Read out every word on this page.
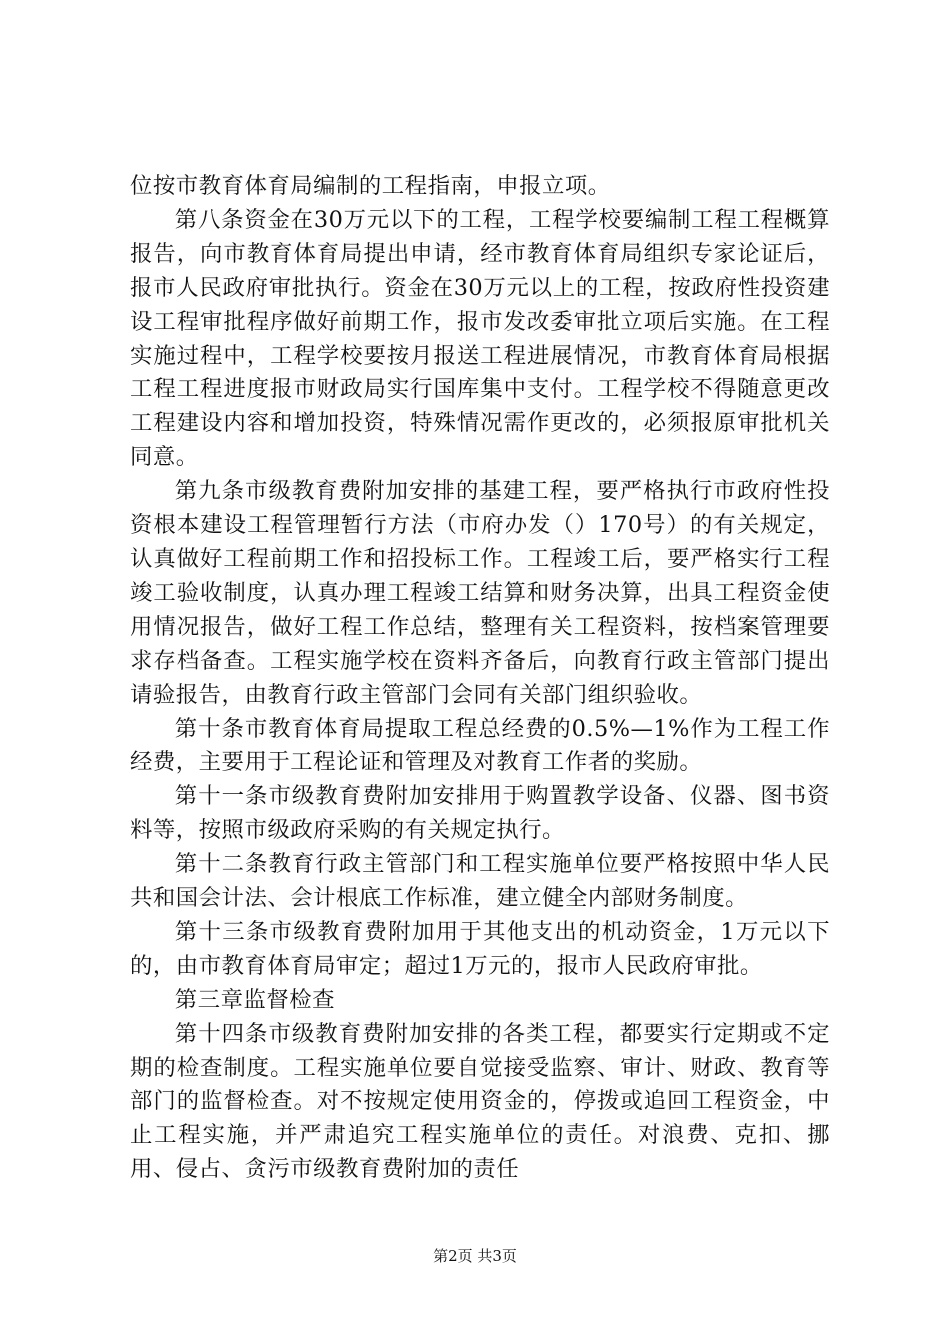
位按市教育体育局编制的工程指南，申报立项。

第八条资金在30万元以下的工程，工程学校要编制工程工程概算报告，向市教育体育局提出申请，经市教育体育局组织专家论证后，报市人民政府审批执行。资金在30万元以上的工程，按政府性投资建设工程审批程序做好前期工作，报市发改委审批立项后实施。在工程实施过程中，工程学校要按月报送工程进展情况，市教育体育局根据工程工程进度报市财政局实行国库集中支付。工程学校不得随意更改工程建设内容和增加投资，特殊情况需作更改的，必须报原审批机关同意。

第九条市级教育费附加安排的基建工程，要严格执行市政府性投资根本建设工程管理暂行方法（市府办发（）170号）的有关规定，认真做好工程前期工作和招投标工作。工程竣工后，要严格实行工程竣工验收制度，认真办理工程竣工结算和财务决算，出具工程资金使用情况报告，做好工程工作总结，整理有关工程资料，按档案管理要求存档备查。工程实施学校在资料齐备后，向教育行政主管部门提出请验报告，由教育行政主管部门会同有关部门组织验收。

第十条市教育体育局提取工程总经费的0.5%—1%作为工程工作经费，主要用于工程论证和管理及对教育工作者的奖励。

第十一条市级教育费附加安排用于购置教学设备、仪器、图书资料等，按照市级政府采购的有关规定执行。

第十二条教育行政主管部门和工程实施单位要严格按照中华人民共和国会计法、会计根底工作标准，建立健全内部财务制度。

第十三条市级教育费附加用于其他支出的机动资金，1万元以下的，由市教育体育局审定；超过1万元的，报市人民政府审批。

第三章监督检查

第十四条市级教育费附加安排的各类工程，都要实行定期或不定期的检查制度。工程实施单位要自觉接受监察、审计、财政、教育等部门的监督检查。对不按规定使用资金的，停拨或追回工程资金，中止工程实施，并严肃追究工程实施单位的责任。对浪费、克扣、挪用、侵占、贪污市级教育费附加的责任

第2页 共3页
